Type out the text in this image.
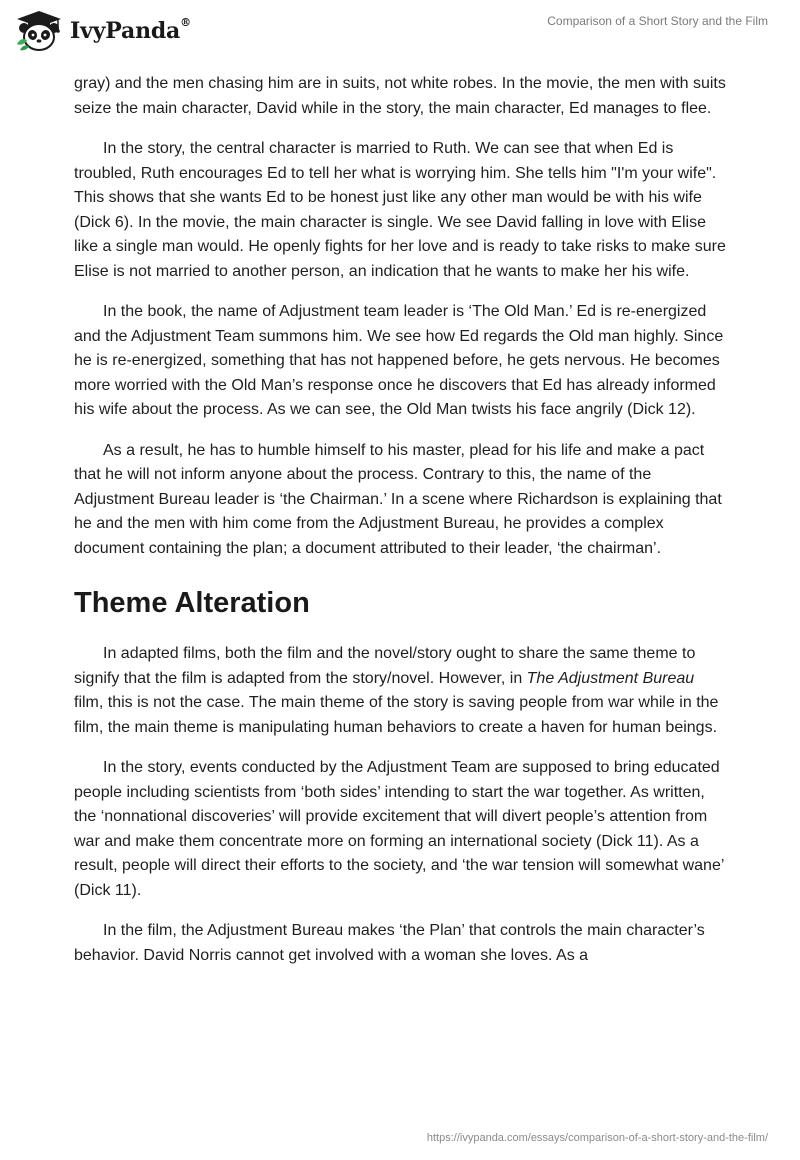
IvyPanda®	Comparison of a Short Story and the Film

gray) and the men chasing him are in suits, not white robes. In the movie, the men with suits seize the main character, David while in the story, the main character, Ed manages to flee.

In the story, the central character is married to Ruth. We can see that when Ed is troubled, Ruth encourages Ed to tell her what is worrying him. She tells him "I'm your wife". This shows that she wants Ed to be honest just like any other man would be with his wife (Dick 6). In the movie, the main character is single. We see David falling in love with Elise like a single man would. He openly fights for her love and is ready to take risks to make sure Elise is not married to another person, an indication that he wants to make her his wife.

In the book, the name of Adjustment team leader is ‘The Old Man.’ Ed is re-energized and the Adjustment Team summons him. We see how Ed regards the Old man highly. Since he is re-energized, something that has not happened before, he gets nervous. He becomes more worried with the Old Man’s response once he discovers that Ed has already informed his wife about the process. As we can see, the Old Man twists his face angrily (Dick 12).

As a result, he has to humble himself to his master, plead for his life and make a pact that he will not inform anyone about the process. Contrary to this, the name of the Adjustment Bureau leader is ‘the Chairman.’ In a scene where Richardson is explaining that he and the men with him come from the Adjustment Bureau, he provides a complex document containing the plan; a document attributed to their leader, ‘the chairman’.

Theme Alteration

In adapted films, both the film and the novel/story ought to share the same theme to signify that the film is adapted from the story/novel. However, in The Adjustment Bureau film, this is not the case. The main theme of the story is saving people from war while in the film, the main theme is manipulating human behaviors to create a haven for human beings.

In the story, events conducted by the Adjustment Team are supposed to bring educated people including scientists from ‘both sides’ intending to start the war together. As written, the ‘nonnational discoveries’ will provide excitement that will divert people’s attention from war and make them concentrate more on forming an international society (Dick 11). As a result, people will direct their efforts to the society, and ‘the war tension will somewhat wane’ (Dick 11).

In the film, the Adjustment Bureau makes ‘the Plan’ that controls the main character’s behavior. David Norris cannot get involved with a woman she loves. As a

https://ivypanda.com/essays/comparison-of-a-short-story-and-the-film/
